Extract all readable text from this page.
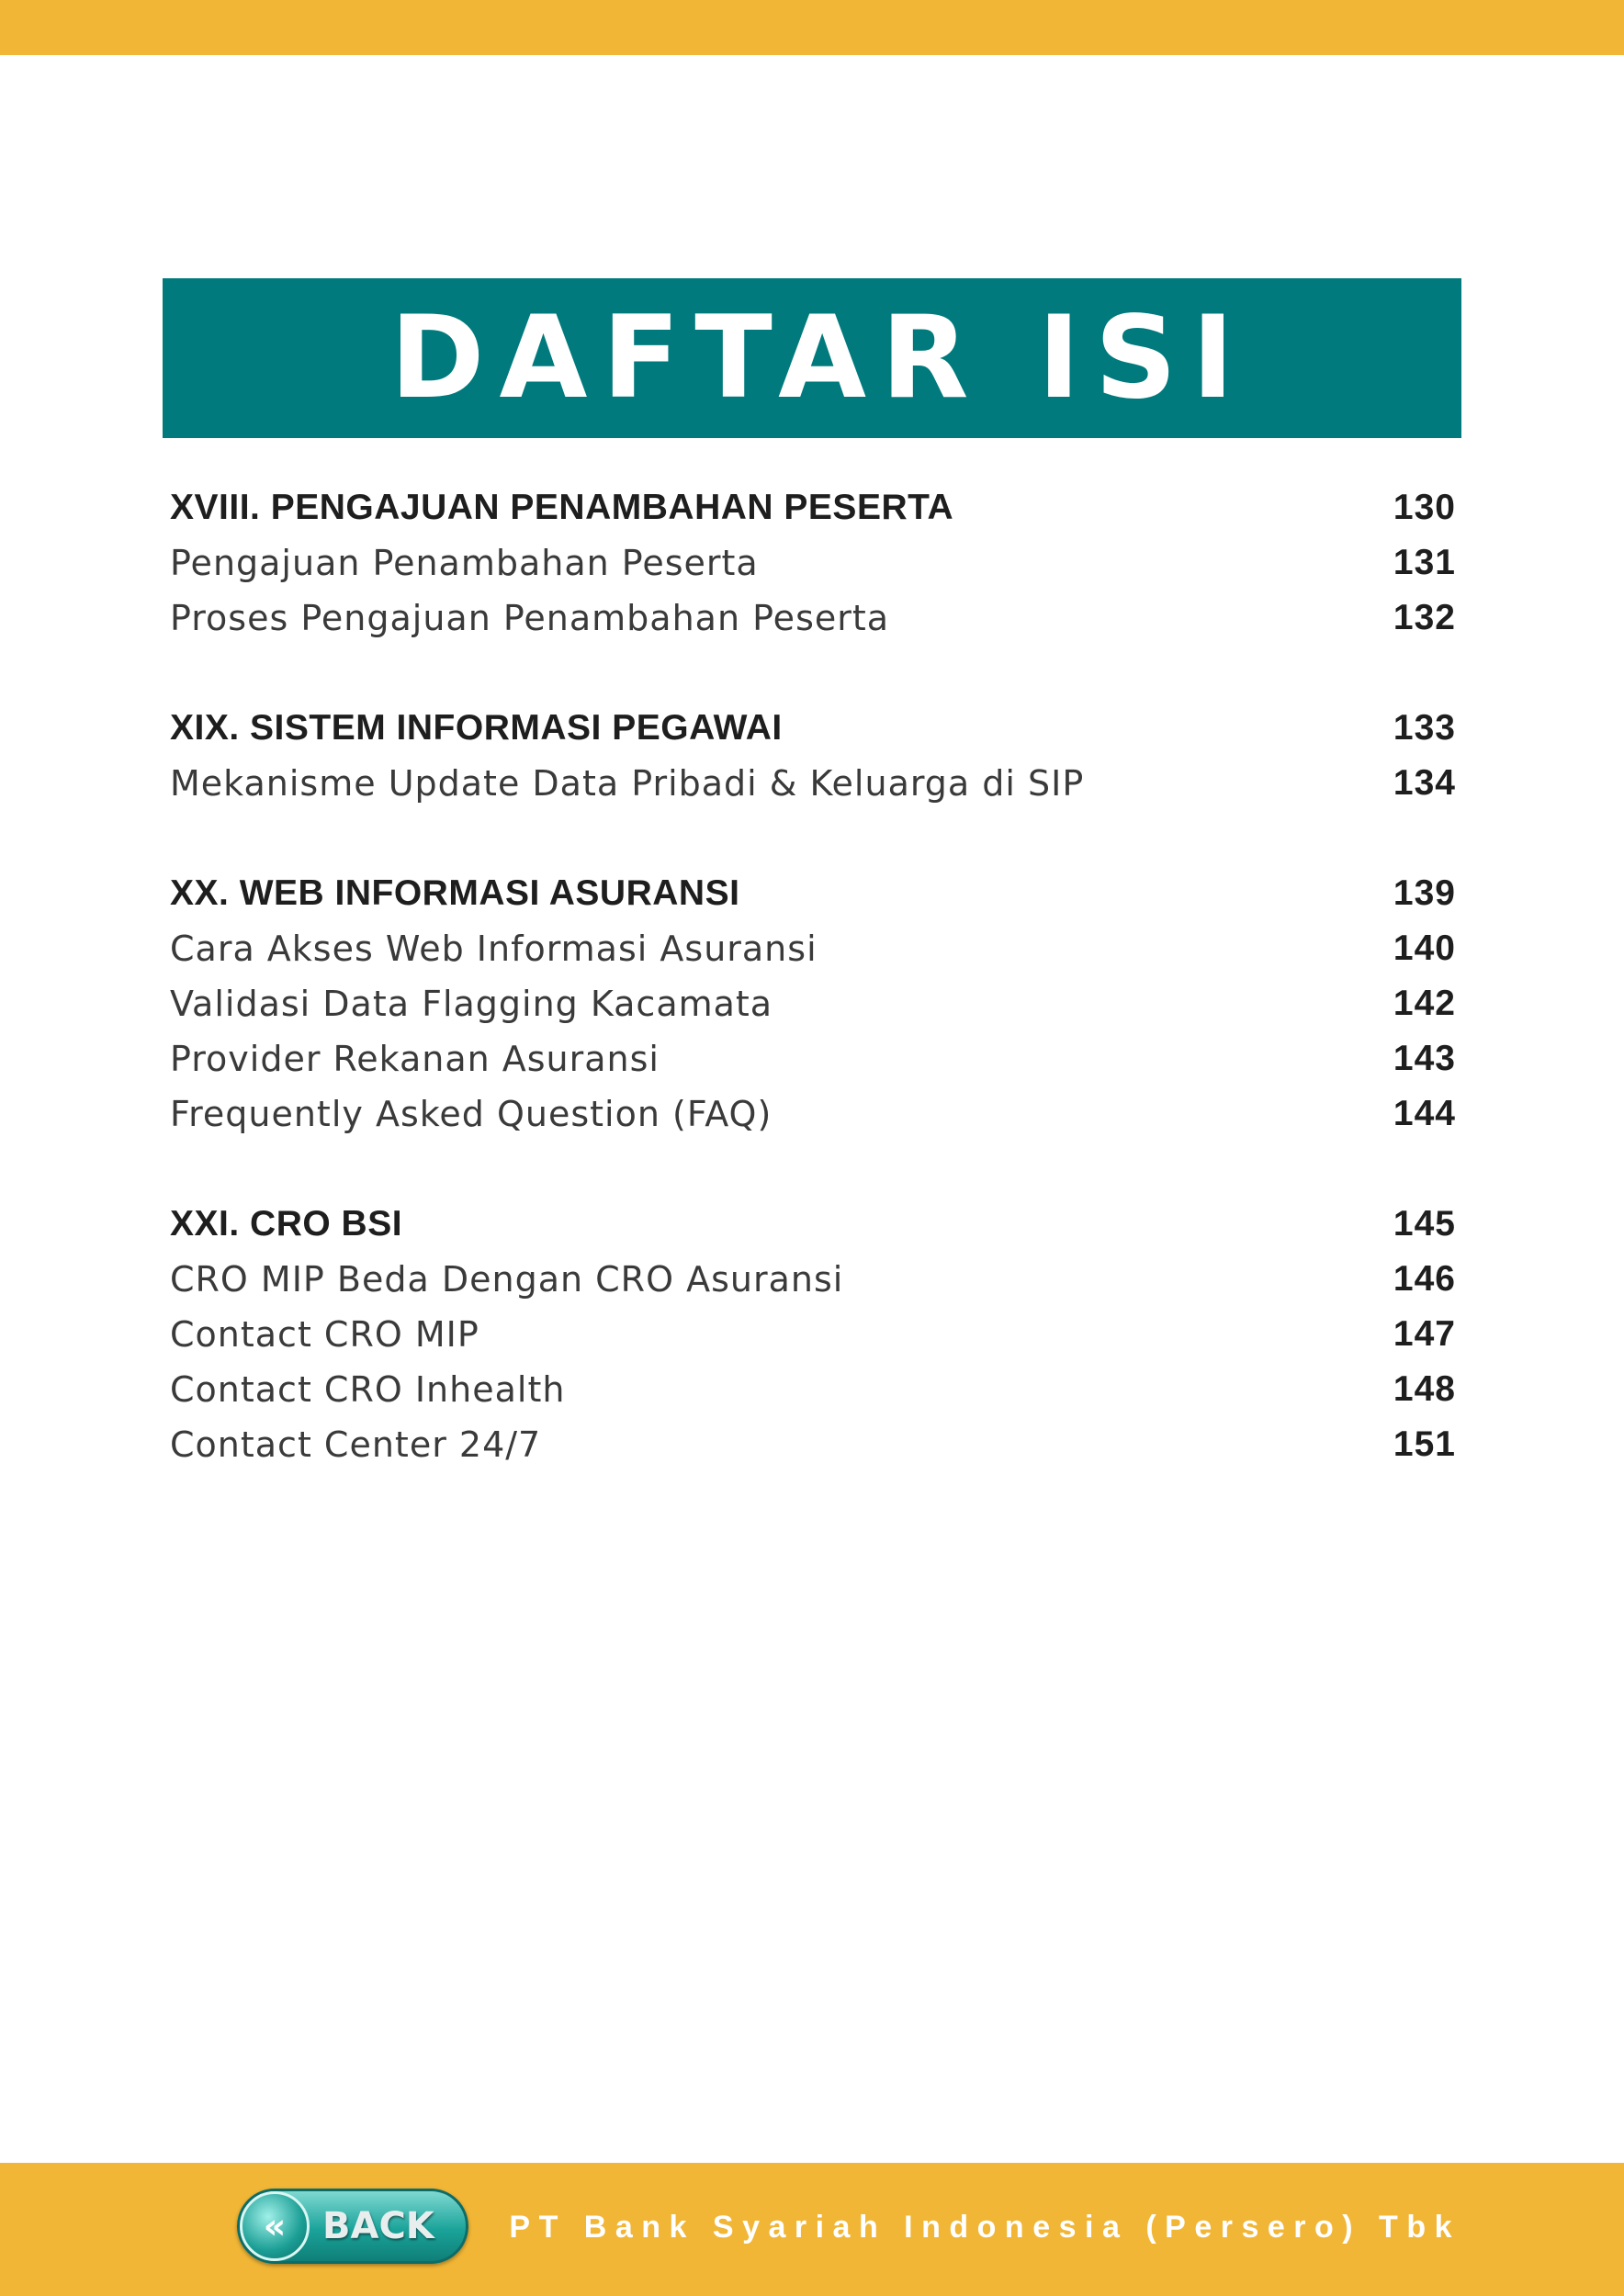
DAFTAR ISI
XVIII. PENGAJUAN PENAMBAHAN PESERTA	130
Pengajuan Penambahan Peserta	131
Proses Pengajuan Penambahan Peserta	132
XIX. SISTEM INFORMASI PEGAWAI	133
Mekanisme Update Data Pribadi & Keluarga di SIP	134
XX. WEB INFORMASI ASURANSI	139
Cara Akses Web Informasi Asuransi	140
Validasi Data Flagging Kacamata	142
Provider Rekanan Asuransi	143
Frequently Asked Question (FAQ)	144
XXI. CRO BSI	145
CRO MIP Beda Dengan CRO Asuransi	146
Contact CRO MIP	147
Contact CRO Inhealth	148
Contact Center 24/7	151
« BACK	PT Bank Syariah Indonesia (Persero) Tbk
